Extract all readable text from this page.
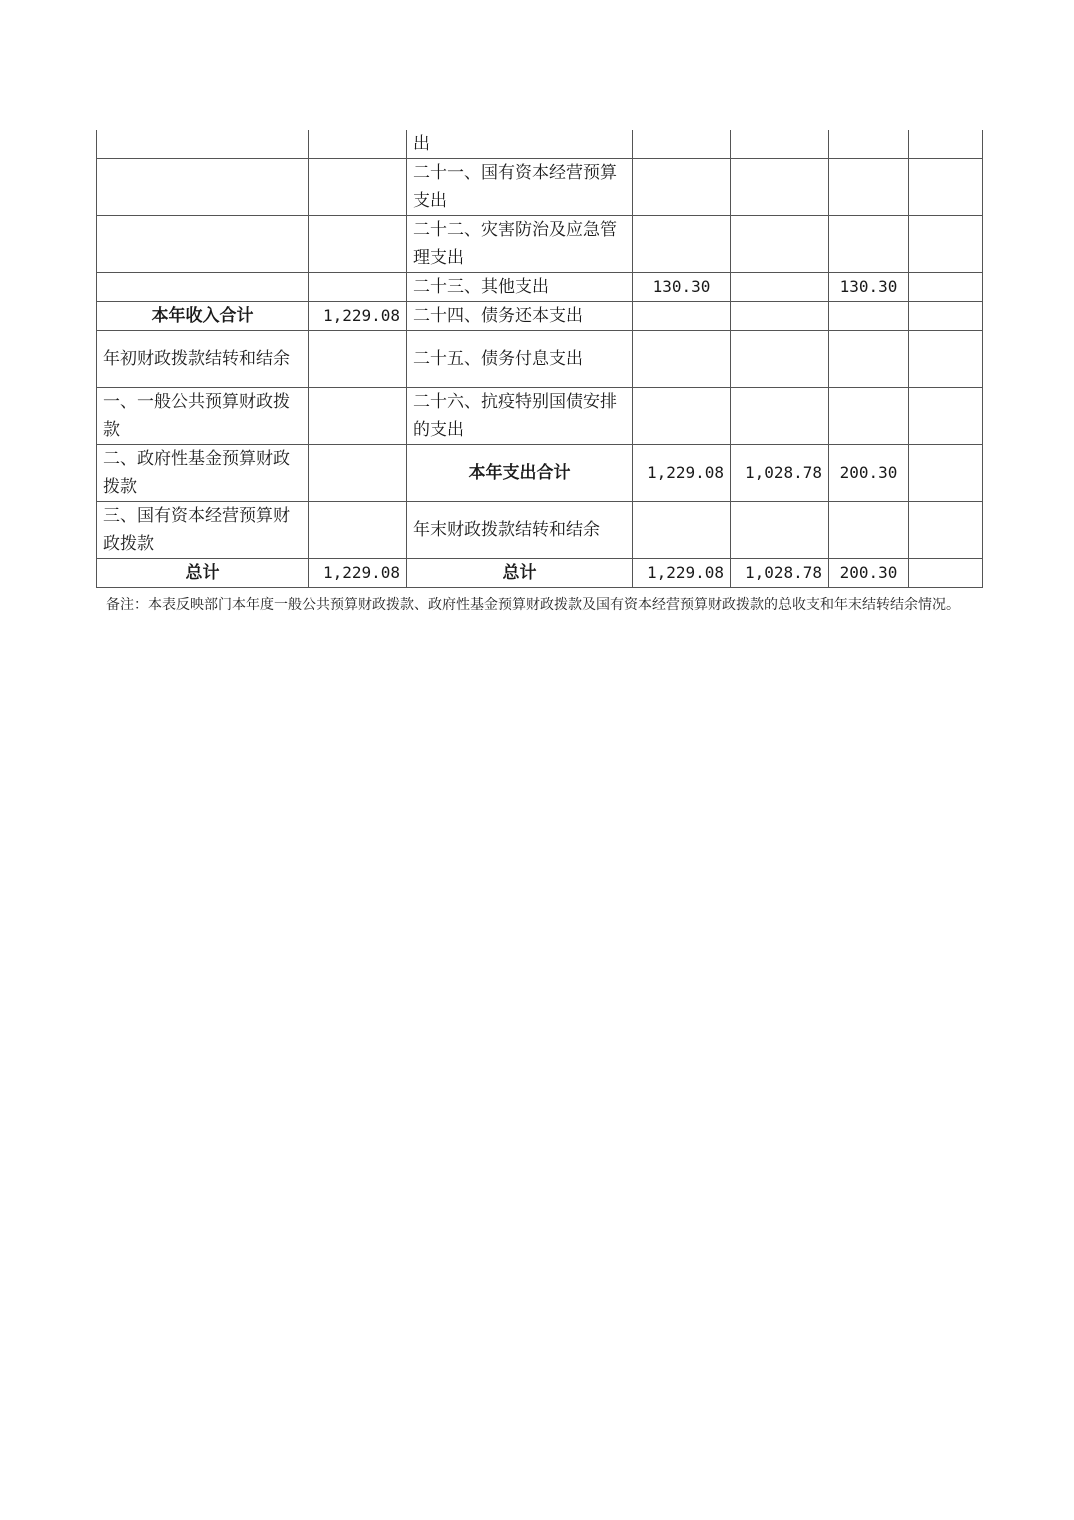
		出				
		二十一、国有资本经营预算支出				
		二十二、灾害防治及应急管理支出				
		二十三、其他支出	130.30		130.30	
本年收入合计	1,229.08	二十四、债务还本支出				
年初财政拨款结转和结余		二十五、债务付息支出				
一、一般公共预算财政拨款		二十六、抗疫特别国债安排的支出				
二、政府性基金预算财政拨款		本年支出合计	1,229.08	1,028.78	200.30	
三、国有资本经营预算财政拨款		年末财政拨款结转和结余				
总计	1,229.08	总计	1,229.08	1,028.78	200.30	
备注：本表反映部门本年度一般公共预算财政拨款、政府性基金预算财政拨款及国有资本经营预算财政拨款的总收支和年末结转结余情况。
